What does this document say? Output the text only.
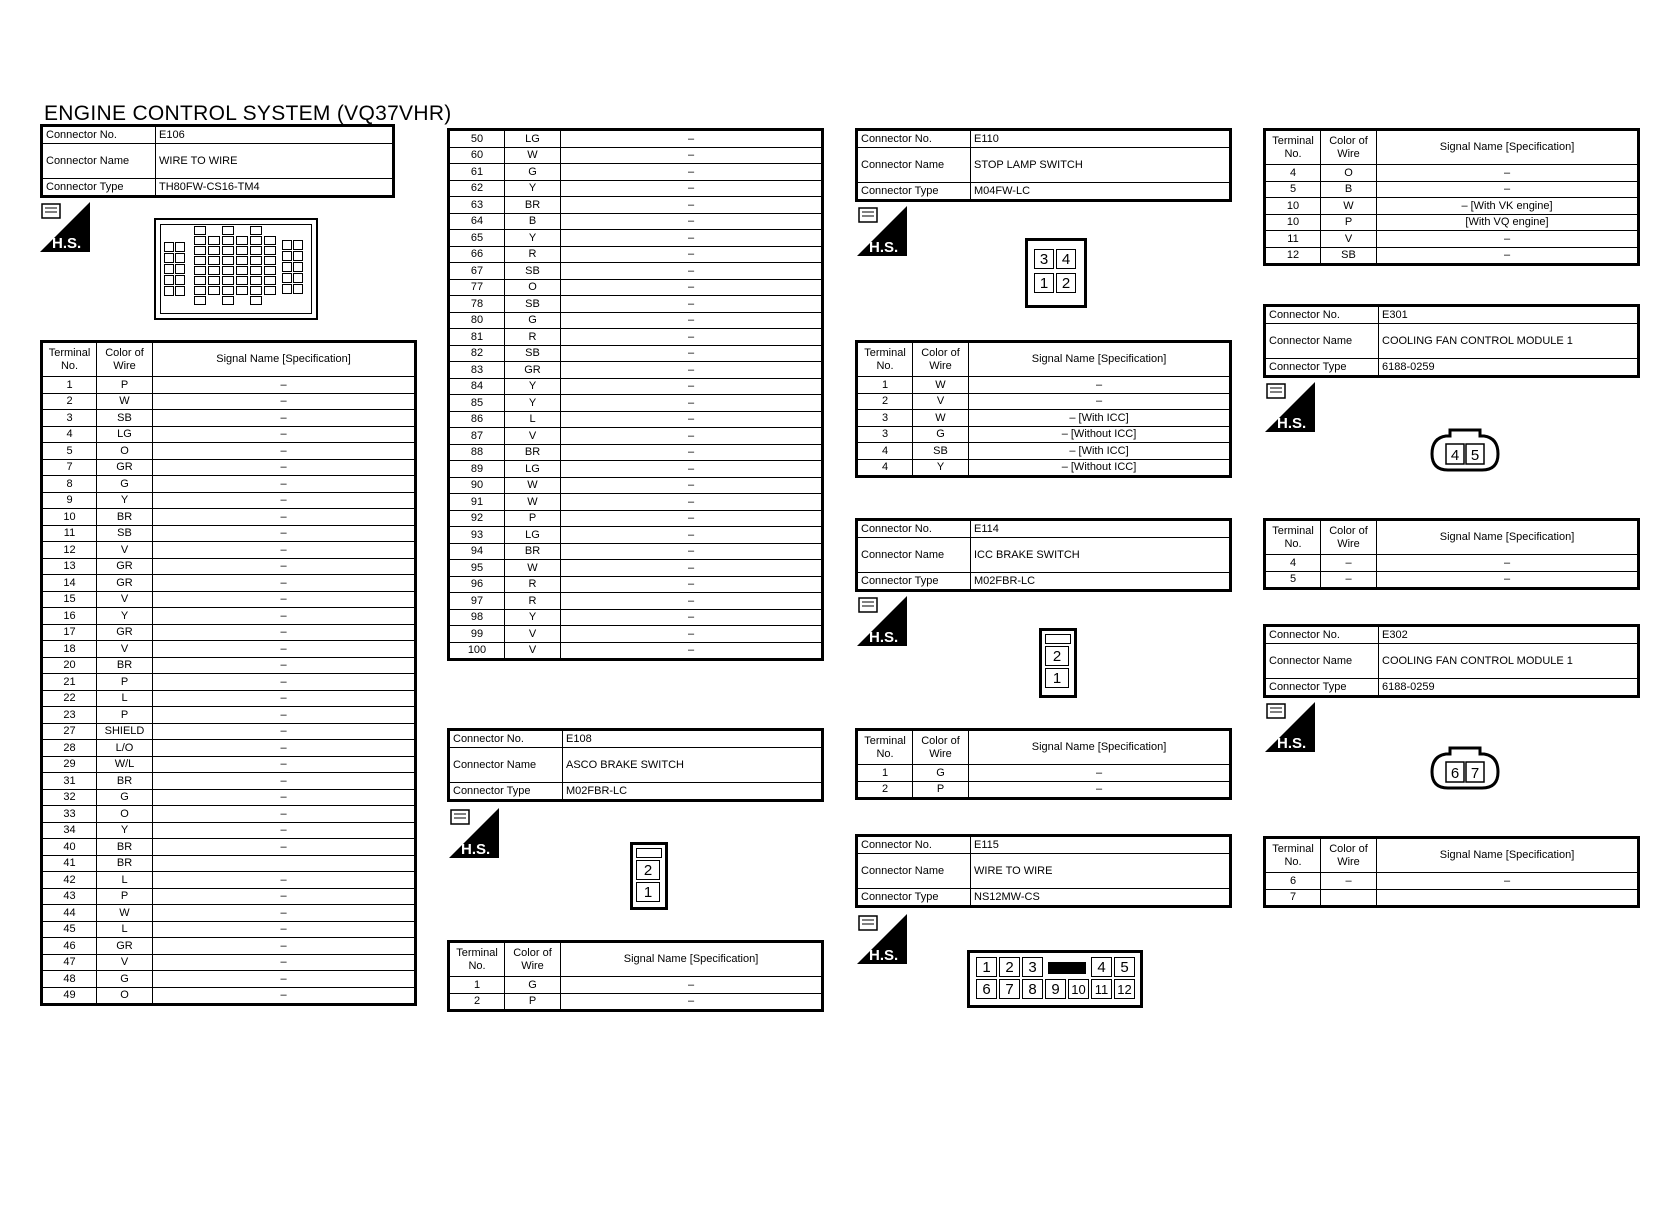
ENGINE CONTROL SYSTEM (VQ37VHR)
Connector No.	E106
Connector Name	WIRE TO WIRE
Connector Type	TH80FW-CS16-TM4
H.S.
Terminal No.	Color of Wire	Signal Name [Specification]
1	P	–
2	W	–
3	SB	–
4	LG	–
5	O	–
7	GR	–
8	G	–
9	Y	–
10	BR	–
11	SB	–
12	V	–
13	GR	–
14	GR	–
15	V	–
16	Y	–
17	GR	–
18	V	–
20	BR	–
21	P	–
22	L	–
23	P	–
27	SHIELD	–
28	L/O	–
29	W/L	–
31	BR	–
32	G	–
33	O	–
34	Y	–
40	BR	–
41	BR	
42	L	–
43	P	–
44	W	–
45	L	–
46	GR	–
47	V	–
48	G	–
49	O	–
50	LG	–
60	W	–
61	G	–
62	Y	–
63	BR	–
64	B	–
65	Y	–
66	R	–
67	SB	–
77	O	–
78	SB	–
80	G	–
81	R	–
82	SB	–
83	GR	–
84	Y	–
85	Y	–
86	L	–
87	V	–
88	BR	–
89	LG	–
90	W	–
91	W	–
92	P	–
93	LG	–
94	BR	–
95	W	–
96	R	–
97	R	–
98	Y	–
99	V	–
100	V	–
Connector No.	E108
Connector Name	ASCO BRAKE SWITCH
Connector Type	M02FBR-LC
H.S.
2
1
Terminal No.	Color of Wire	Signal Name [Specification]
1	G	–
2	P	–
Connector No.	E110
Connector Name	STOP LAMP SWITCH
Connector Type	M04FW-LC
H.S.
3 4
1 2
Terminal No.	Color of Wire	Signal Name [Specification]
1	W	–
2	V	–
3	W	– [With ICC]
3	G	– [Without ICC]
4	SB	– [With ICC]
4	Y	– [Without ICC]
Connector No.	E114
Connector Name	ICC BRAKE SWITCH
Connector Type	M02FBR-LC
H.S.
2
1
Terminal No.	Color of Wire	Signal Name [Specification]
1	G	–
2	P	–
Connector No.	E115
Connector Name	WIRE TO WIRE
Connector Type	NS12MW-CS
H.S.
1 2 3	4 5
6 7 8 9 10 11 12
Terminal No.	Color of Wire	Signal Name [Specification]
4	O	–
5	B	–
10	W	– [With VK engine]
10	P	[With VQ engine]
11	V	–
12	SB	–
Connector No.	E301
Connector Name	COOLING FAN CONTROL MODULE 1
Connector Type	6188-0259
H.S.
4 5
Terminal No.	Color of Wire	Signal Name [Specification]
4	–	–
5	–	–
Connector No.	E302
Connector Name	COOLING FAN CONTROL MODULE 1
Connector Type	6188-0259
H.S.
6 7
Terminal No.	Color of Wire	Signal Name [Specification]
6	–	–
7		
